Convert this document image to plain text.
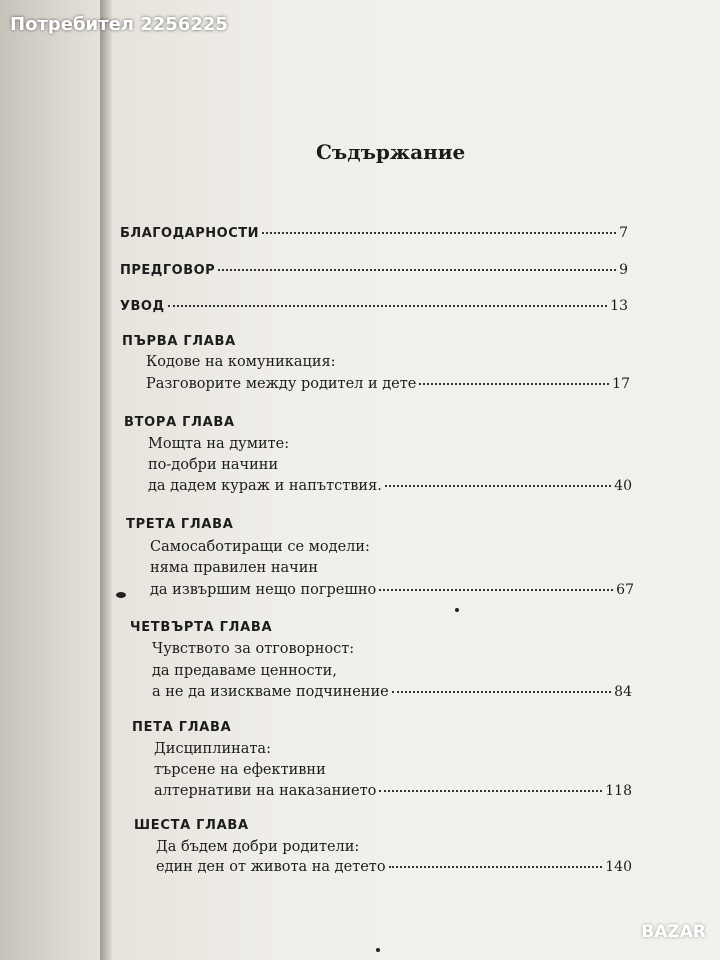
Потребител 2256225
Съдържание
БЛАГОДАРНОСТИ	7
ПРЕДГОВОР	9
УВОД	13
ПЪРВА ГЛАВА
Кодове на комуникация:
Разговорите между родител и дете	17
ВТОРА ГЛАВА
Мощта на думите:
по-добри начини
да дадем кураж и напътствия.	40
ТРЕТА ГЛАВА
Самосаботиращи се модели:
няма правилен начин
да извършим нещо погрешно	67
ЧЕТВЪРТА ГЛАВА
Чувството за отговорност:
да предаваме ценности,
а не да изискваме подчинение	84
ПЕТА ГЛАВА
Дисциплината:
търсене на ефективни
алтернативи на наказанието	118
ШЕСТА ГЛАВА
Да бъдем добри родители:
един ден от живота на детето	140
BAZAR
